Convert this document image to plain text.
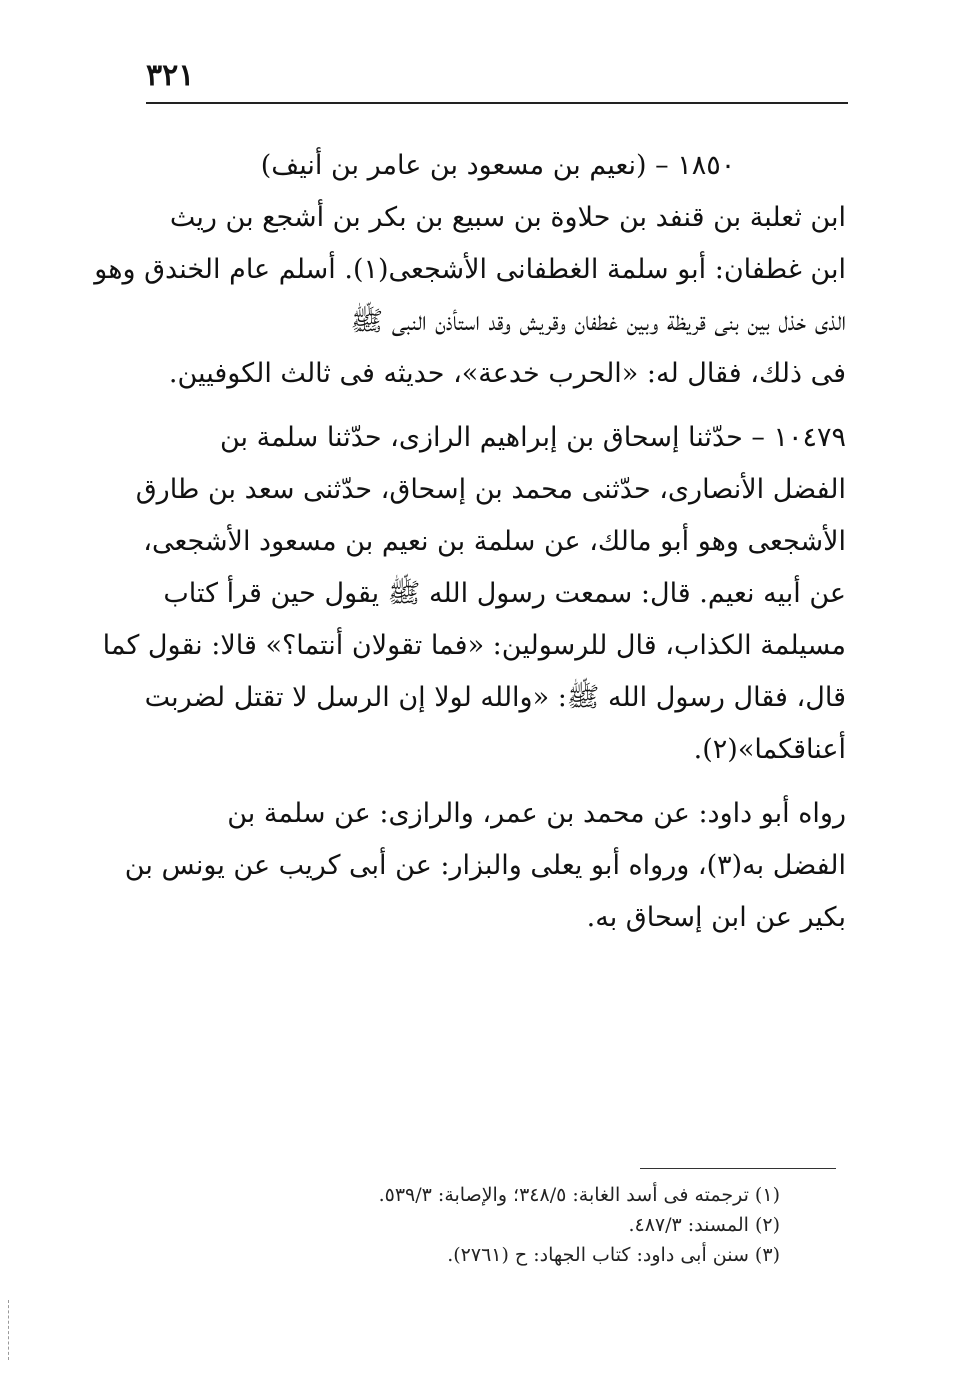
٣٢١
١٨٥٠ – (نعيم بن مسعود بن عامر بن أنيف)
ابن ثعلبة بن قنفد بن حلاوة بن سبيع بن بكر بن أشجع بن ريث
ابن غطفان: أبو سلمة الغطفانى الأشجعى(١). أسلم عام الخندق وهو
الذى خذل بين بنى قريظة وبين غطفان وقريش وقد استأذن النبى ﷺ
فى ذلك، فقال له: «الحرب خدعة»، حديثه فى ثالث الكوفيين.
١٠٤٧٩ – حدّثنا إسحاق بن إبراهيم الرازى، حدّثنا سلمة بن
الفضل الأنصارى، حدّثنى محمد بن إسحاق، حدّثنى سعد بن طارق
الأشجعى وهو أبو مالك، عن سلمة بن نعيم بن مسعود الأشجعى،
عن أبيه نعيم. قال: سمعت رسول الله ﷺ يقول حين قرأ كتاب
مسيلمة الكذاب، قال للرسولين: «فما تقولان أنتما؟» قالا: نقول كما
قال، فقال رسول الله ﷺ: «والله لولا إن الرسل لا تقتل لضربت
أعناقكما»(٢).
رواه أبو داود: عن محمد بن عمر، والرازى: عن سلمة بن
الفضل به(٣)، ورواه أبو يعلى والبزار: عن أبى كريب عن يونس بن
بكير عن ابن إسحاق به.
(١) ترجمته فى أسد الغابة: ٣٤٨/٥؛ والإصابة: ٥٣٩/٣.
(٢) المسند: ٤٨٧/٣.
(٣) سنن أبى داود: كتاب الجهاد: ح (٢٧٦١).
